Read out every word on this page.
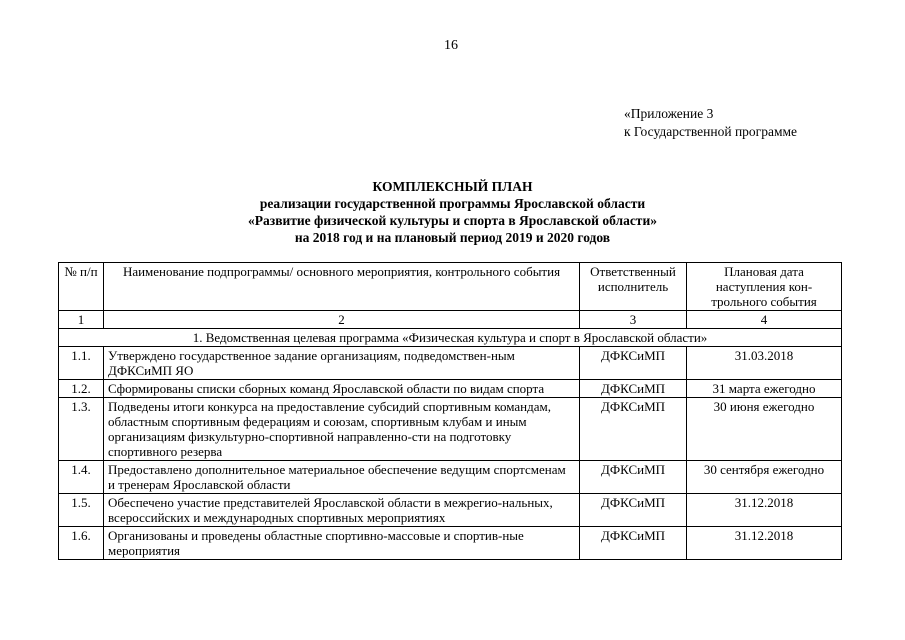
16
«Приложение 3
к Государственной программе
КОМПЛЕКСНЫЙ ПЛАН
реализации государственной программы Ярославской области
«Развитие физической культуры и спорта в Ярославской области»
на 2018 год и на плановый период 2019 и 2020 годов
№ п/п	Наименование подпрограммы/ основного мероприятия, контрольного события	Ответственный исполнитель	Плановая дата наступления кон-трольного события
1	2	3	4
1. Ведомственная целевая программа «Физическая культура и спорт в Ярославской области»			
1.1.	Утверждено государственное задание организациям, подведомствен-ным ДФКСиМП ЯО	ДФКСиМП	31.03.2018
1.2.	Сформированы списки сборных команд Ярославской области по видам спорта	ДФКСиМП	31 марта ежегодно
1.3.	Подведены итоги конкурса на предоставление субсидий спортивным командам, областным спортивным федерациям и союзам, спортивным клубам и иным организациям физкультурно-спортивной направленно-сти на подготовку спортивного резерва	ДФКСиМП	30 июня ежегодно
1.4.	Предоставлено дополнительное материальное обеспечение ведущим спортсменам и тренерам Ярославской области	ДФКСиМП	30 сентября ежегодно
1.5.	Обеспечено участие представителей Ярославской области в межрегио-нальных, всероссийских и международных спортивных мероприятиях	ДФКСиМП	31.12.2018
1.6.	Организованы и проведены областные спортивно-массовые и спортив-ные мероприятия	ДФКСиМП	31.12.2018
